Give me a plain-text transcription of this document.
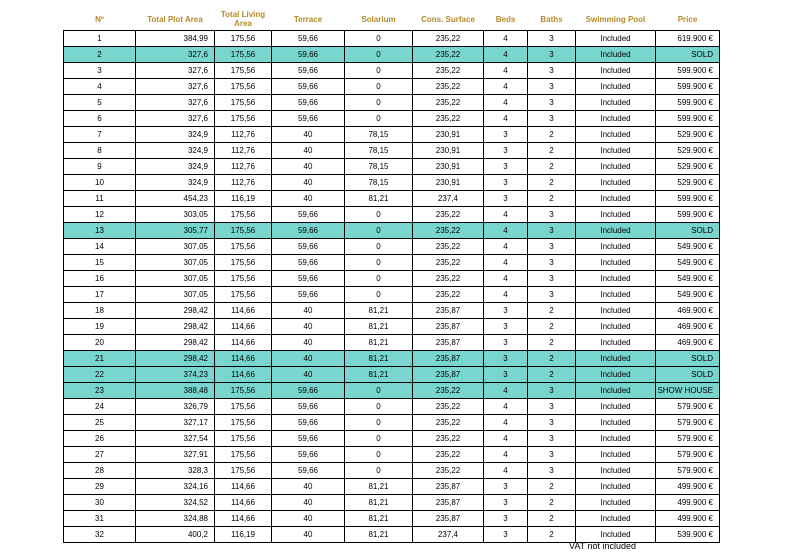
Nº	Total Plot Area	Total Living Area	Terrace	Solarium	Cons. Surface	Beds	Baths	Swimming Pool	Price
1	384,99	175,56	59,66	0	235,22	4	3	Included	619.900 €
2	327,6	175,56	59,66	0	235,22	4	3	Included	SOLD
3	327,6	175,56	59,66	0	235,22	4	3	Included	599.900 €
4	327,6	175,56	59,66	0	235,22	4	3	Included	599.900 €
5	327,6	175,56	59,66	0	235,22	4	3	Included	599.900 €
6	327,6	175,56	59,66	0	235,22	4	3	Included	599.900 €
7	324,9	112,76	40	78,15	230,91	3	2	Included	529.900 €
8	324,9	112,76	40	78,15	230,91	3	2	Included	529.900 €
9	324,9	112,76	40	78,15	230,91	3	2	Included	529.900 €
10	324,9	112,76	40	78,15	230,91	3	2	Included	529.900 €
11	454,23	116,19	40	81,21	237,4	3	2	Included	599.900 €
12	303,05	175,56	59,66	0	235,22	4	3	Included	599.900 €
13	305,77	175,56	59,66	0	235,22	4	3	Included	SOLD
14	307,05	175,56	59,66	0	235,22	4	3	Included	549.900 €
15	307,05	175,56	59,66	0	235,22	4	3	Included	549.900 €
16	307,05	175,56	59,66	0	235,22	4	3	Included	549.900 €
17	307,05	175,56	59,66	0	235,22	4	3	Included	549.900 €
18	298,42	114,66	40	81,21	235,87	3	2	Included	469.900 €
19	298,42	114,66	40	81,21	235,87	3	2	Included	469.900 €
20	298,42	114,66	40	81,21	235,87	3	2	Included	469.900 €
21	298,42	114,66	40	81,21	235,87	3	2	Included	SOLD
22	374,23	114,66	40	81,21	235,87	3	2	Included	SOLD
23	388,48	175,56	59,66	0	235,22	4	3	Included	SHOW HOUSE
24	326,79	175,56	59,66	0	235,22	4	3	Included	579.900 €
25	327,17	175,56	59,66	0	235,22	4	3	Included	579.900 €
26	327,54	175,56	59,66	0	235,22	4	3	Included	579.900 €
27	327,91	175,56	59,66	0	235,22	4	3	Included	579.900 €
28	328,3	175,56	59,66	0	235,22	4	3	Included	579.900 €
29	324,16	114,66	40	81,21	235,87	3	2	Included	499.900 €
30	324,52	114,66	40	81,21	235,87	3	2	Included	499.900 €
31	324,88	114,66	40	81,21	235,87	3	2	Included	499.900 €
32	400,2	116,19	40	81,21	237,4	3	2	Included	539.900 €
VAT not included
